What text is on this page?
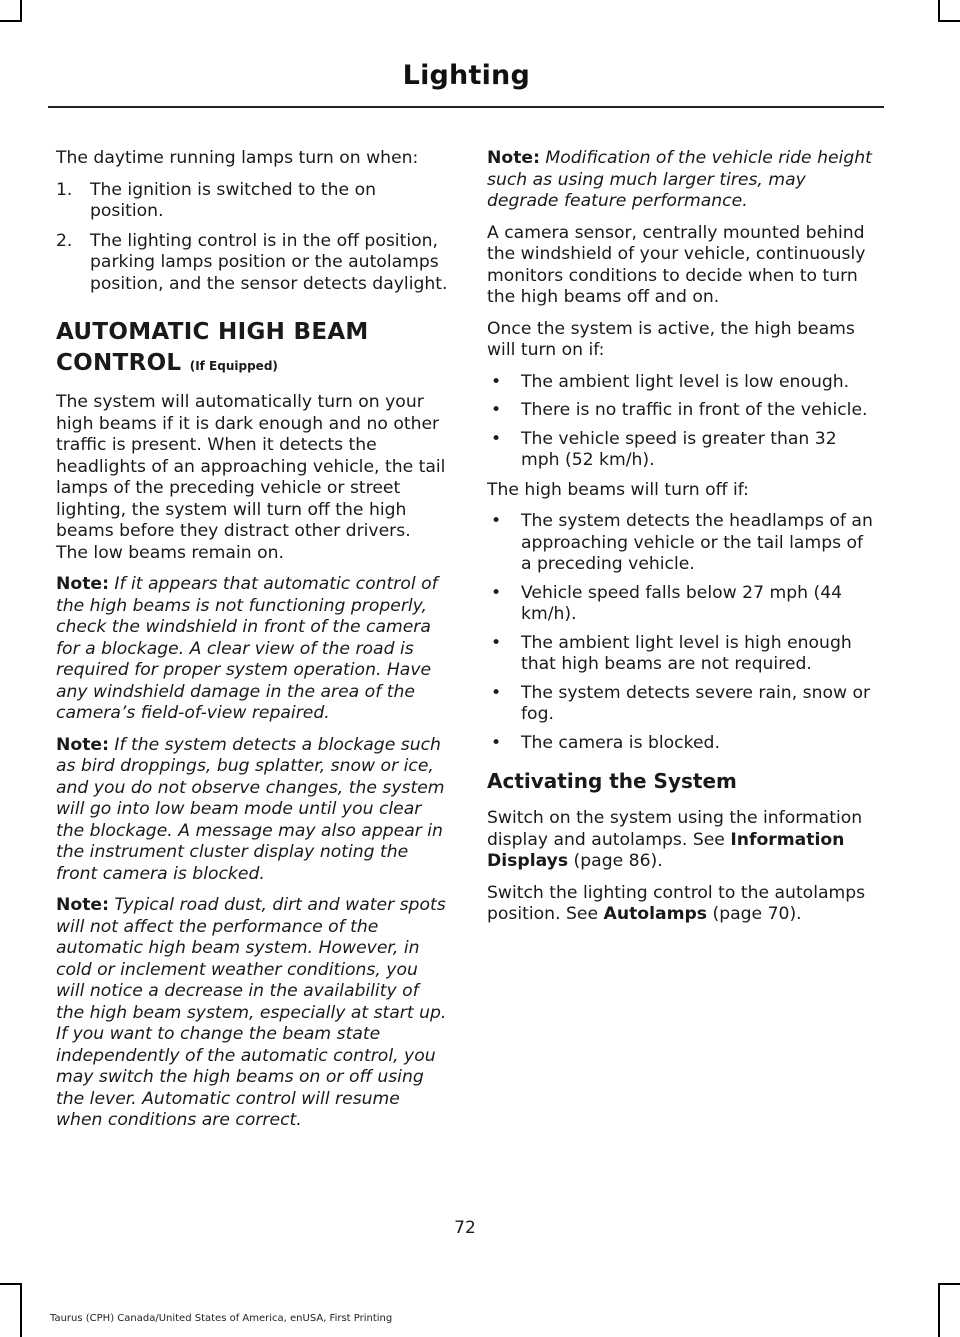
Lighting

The daytime running lamps turn on when:

1. The ignition is switched to the on position.
2. The lighting control is in the off position, parking lamps position or the autolamps position, and the sensor detects daylight.
AUTOMATIC HIGH BEAM
CONTROL (If Equipped)

The system will automatically turn on your high beams if it is dark enough and no other traffic is present. When it detects the headlights of an approaching vehicle, the tail lamps of the preceding vehicle or street lighting, the system will turn off the high beams before they distract other drivers. The low beams remain on.

Note: If it appears that automatic control of the high beams is not functioning properly, check the windshield in front of the camera for a blockage. A clear view of the road is required for proper system operation. Have any windshield damage in the area of the camera’s field-of-view repaired.

Note: If the system detects a blockage such as bird droppings, bug splatter, snow or ice, and you do not observe changes, the system will go into low beam mode until you clear the blockage. A message may also appear in the instrument cluster display noting the front camera is blocked.

Note: Typical road dust, dirt and water spots will not affect the performance of the automatic high beam system. However, in cold or inclement weather conditions, you will notice a decrease in the availability of the high beam system, especially at start up. If you want to change the beam state independently of the automatic control, you may switch the high beams on or off using the lever. Automatic control will resume when conditions are correct.

Note: Modification of the vehicle ride height such as using much larger tires, may degrade feature performance.

A camera sensor, centrally mounted behind the windshield of your vehicle, continuously monitors conditions to decide when to turn the high beams off and on.

Once the system is active, the high beams will turn on if:

• The ambient light level is low enough.
• There is no traffic in front of the vehicle.
• The vehicle speed is greater than 32 mph (52 km/h).

The high beams will turn off if:

• The system detects the headlamps of an approaching vehicle or the tail lamps of a preceding vehicle.
• Vehicle speed falls below 27 mph (44 km/h).
• The ambient light level is high enough that high beams are not required.
• The system detects severe rain, snow or fog.
• The camera is blocked.
Activating the System

Switch on the system using the information display and autolamps. See Information Displays (page 86).

Switch the lighting control to the autolamps position. See Autolamps (page 70).

72
Taurus (CPH) Canada/United States of America, enUSA, First Printing
